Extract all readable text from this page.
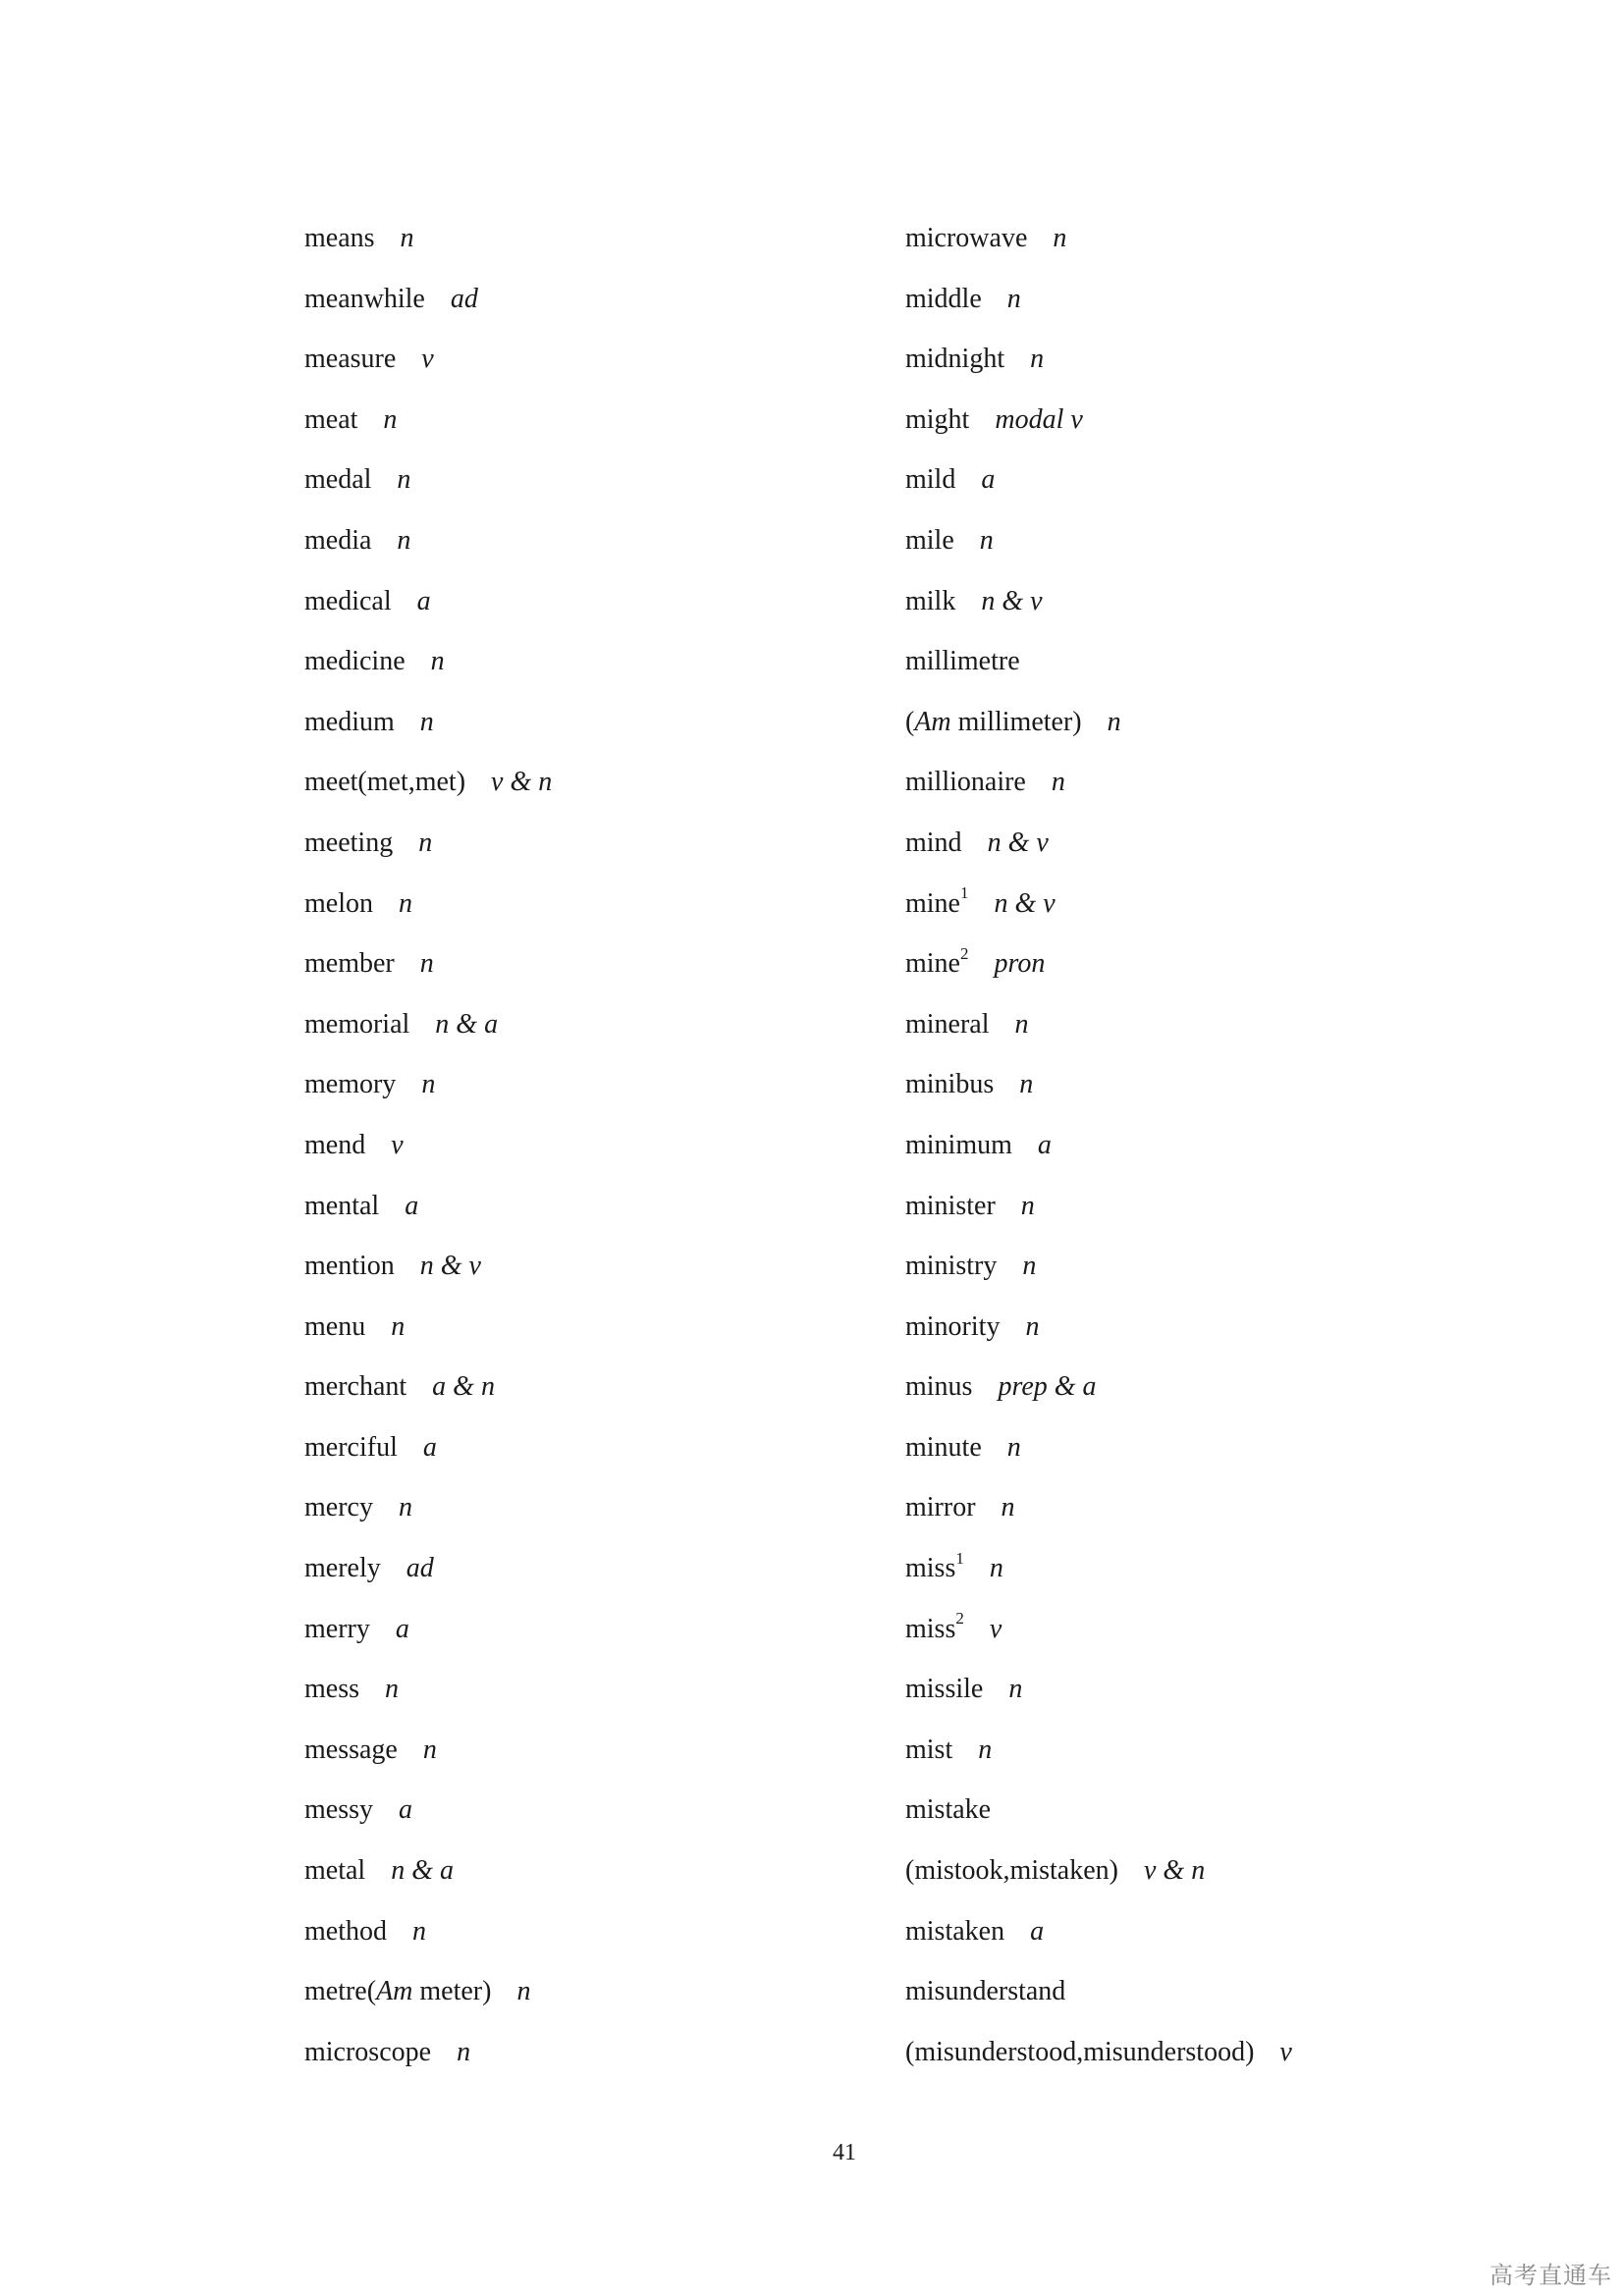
means n
meanwhile ad
measure v
meat n
medal n
media n
medical a
medicine n
medium n
meet(met,met) v & n
meeting n
melon n
member n
memorial n & a
memory n
mend v
mental a
mention n & v
menu n
merchant a & n
merciful a
mercy n
merely ad
merry a
mess n
message n
messy a
metal n & a
method n
metre(Am meter) n
microscope n
microwave n
middle n
midnight n
might modal v
mild a
mile n
milk n & v
millimetre
(Am millimeter) n
millionaire n
mind n & v
mine$^1$ n & v
mine$^2$ pron
mineral n
minibus n
minimum a
minister n
ministry n
minority n
minus prep & a
minute n
mirror n
miss$^1$ n
miss$^2$ v
missile n
mist n
mistake
(mistook,mistaken) v & n
mistaken a
misunderstand
(misunderstood,misunderstood) v
41
高考直通车
